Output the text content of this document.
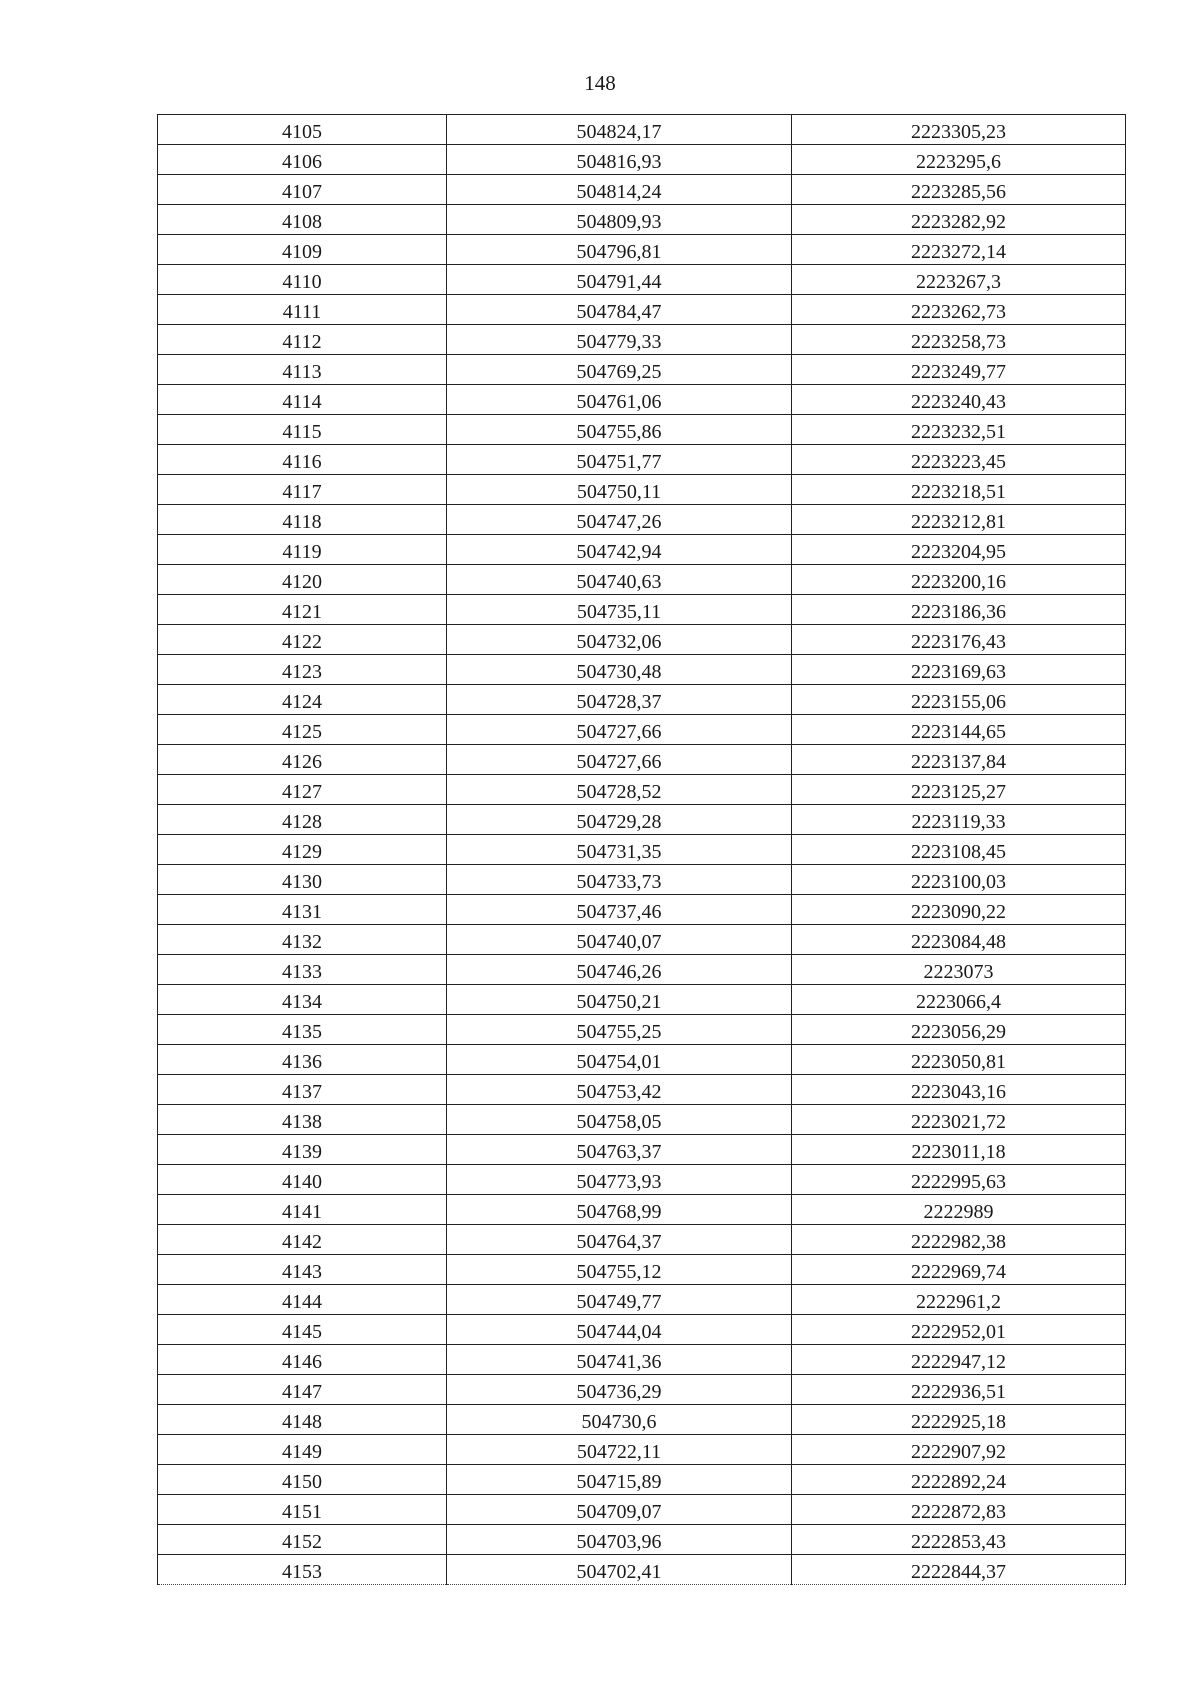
148
4105	504824,17	2223305,23
4106	504816,93	2223295,6
4107	504814,24	2223285,56
4108	504809,93	2223282,92
4109	504796,81	2223272,14
4110	504791,44	2223267,3
4111	504784,47	2223262,73
4112	504779,33	2223258,73
4113	504769,25	2223249,77
4114	504761,06	2223240,43
4115	504755,86	2223232,51
4116	504751,77	2223223,45
4117	504750,11	2223218,51
4118	504747,26	2223212,81
4119	504742,94	2223204,95
4120	504740,63	2223200,16
4121	504735,11	2223186,36
4122	504732,06	2223176,43
4123	504730,48	2223169,63
4124	504728,37	2223155,06
4125	504727,66	2223144,65
4126	504727,66	2223137,84
4127	504728,52	2223125,27
4128	504729,28	2223119,33
4129	504731,35	2223108,45
4130	504733,73	2223100,03
4131	504737,46	2223090,22
4132	504740,07	2223084,48
4133	504746,26	2223073
4134	504750,21	2223066,4
4135	504755,25	2223056,29
4136	504754,01	2223050,81
4137	504753,42	2223043,16
4138	504758,05	2223021,72
4139	504763,37	2223011,18
4140	504773,93	2222995,63
4141	504768,99	2222989
4142	504764,37	2222982,38
4143	504755,12	2222969,74
4144	504749,77	2222961,2
4145	504744,04	2222952,01
4146	504741,36	2222947,12
4147	504736,29	2222936,51
4148	504730,6	2222925,18
4149	504722,11	2222907,92
4150	504715,89	2222892,24
4151	504709,07	2222872,83
4152	504703,96	2222853,43
4153	504702,41	2222844,37
